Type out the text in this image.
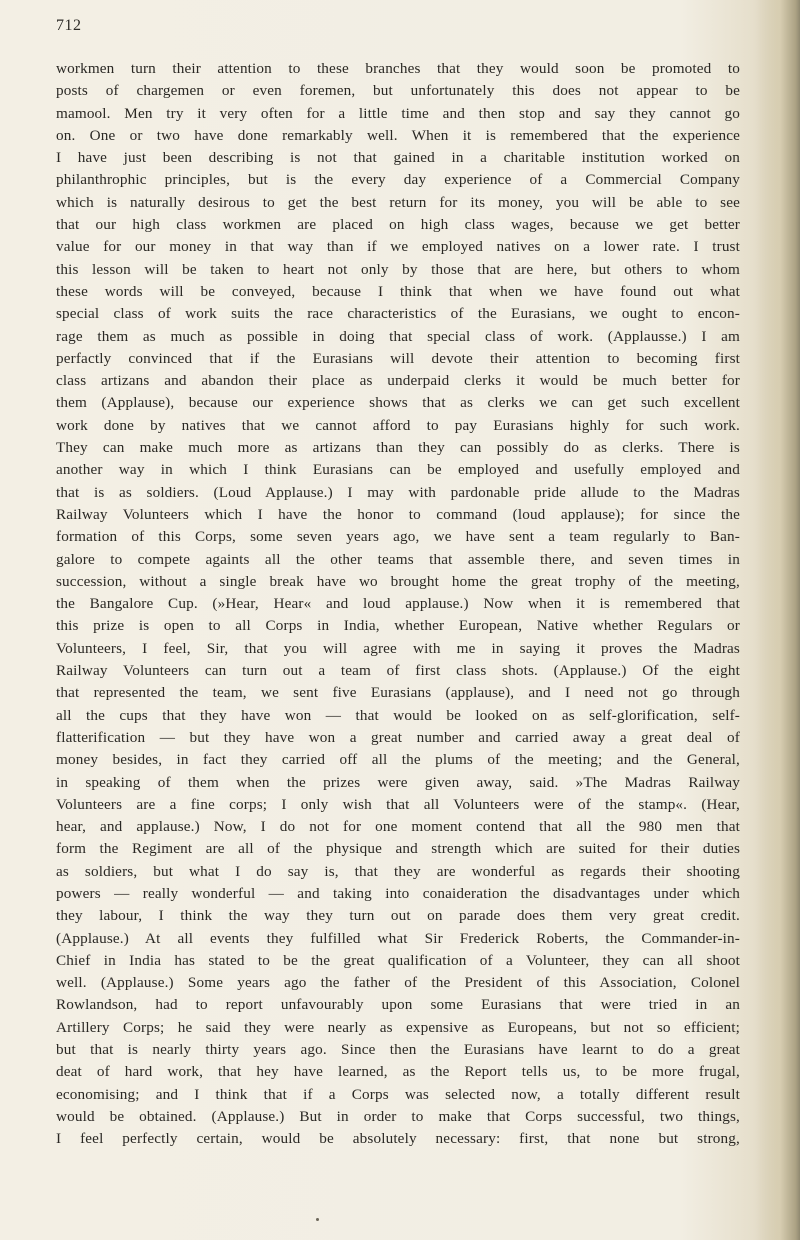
712
workmen turn their attention to these branches that they would soon be promoted to
posts of chargemen or even foremen, but unfortunately this does not appear to be
mamool. Men try it very often for a little time and then stop and say they cannot go
on. One or two have done remarkably well. When it is remembered that the experience
I have just been describing is not that gained in a charitable institution worked on
philanthrophic principles, but is the every day experience of a Commercial Company
which is naturally desirous to get the best return for its money, you will be able to see
that our high class workmen are placed on high class wages, because we get better
value for our money in that way than if we employed natives on a lower rate. I trust
this lesson will be taken to heart not only by those that are here, but others to whom
these words will be conveyed, because I think that when we have found out what
special class of work suits the race characteristics of the Eurasians, we ought to encon-
rage them as much as possible in doing that special class of work. (Applausse.) I am
perfactly convinced that if the Eurasians will devote their attention to becoming first
class artizans and abandon their place as underpaid clerks it would be much better for
them (Applause), because our experience shows that as clerks we can get such excellent
work done by natives that we cannot afford to pay Eurasians highly for such work.
They can make much more as artizans than they can possibly do as clerks. There is
another way in which I think Eurasians can be employed and usefully employed and
that is as soldiers. (Loud Applause.) I may with pardonable pride allude to the Madras
Railway Volunteers which I have the honor to command (loud applause); for since the
formation of this Corps, some seven years ago, we have sent a team regularly to Ban-
galore to compete againts all the other teams that assemble there, and seven times in
succession, without a single break have wo brought home the great trophy of the meeting,
the Bangalore Cup. (»Hear, Hear« and loud applause.) Now when it is remembered that
this prize is open to all Corps in India, whether European, Native whether Regulars or
Volunteers, I feel, Sir, that you will agree with me in saying it proves the Madras
Railway Volunteers can turn out a team of first class shots. (Applause.) Of the eight
that represented the team, we sent five Eurasians (applause), and I need not go through
all the cups that they have won — that would be looked on as self-glorification, self-
flatterification — but they have won a great number and carried away a great deal of
money besides, in fact they carried off all the plums of the meeting; and the General,
in speaking of them when the prizes were given away, said. »The Madras Railway
Volunteers are a fine corps; I only wish that all Volunteers were of the stamp«. (Hear,
hear, and applause.) Now, I do not for one moment contend that all the 980 men that
form the Regiment are all of the physique and strength which are suited for their duties
as soldiers, but what I do say is, that they are wonderful as regards their shooting
powers — really wonderful — and taking into conaideration the disadvantages under which
they labour, I think the way they turn out on parade does them very great credit.
(Applause.) At all events they fulfilled what Sir Frederick Roberts, the Commander-in-
Chief in India has stated to be the great qualification of a Volunteer, they can all shoot
well. (Applause.) Some years ago the father of the President of this Association, Colonel
Rowlandson, had to report unfavourably upon some Eurasians that were tried in an
Artillery Corps; he said they were nearly as expensive as Europeans, but not so efficient;
but that is nearly thirty years ago. Since then the Eurasians have learnt to do a great
deat of hard work, that hey have learned, as the Report tells us, to be more frugal,
economising; and I think that if a Corps was selected now, a totally different result
would be obtained. (Applause.) But in order to make that Corps successful, two things,
I feel perfectly certain, would be absolutely necessary: first, that none but strong,
